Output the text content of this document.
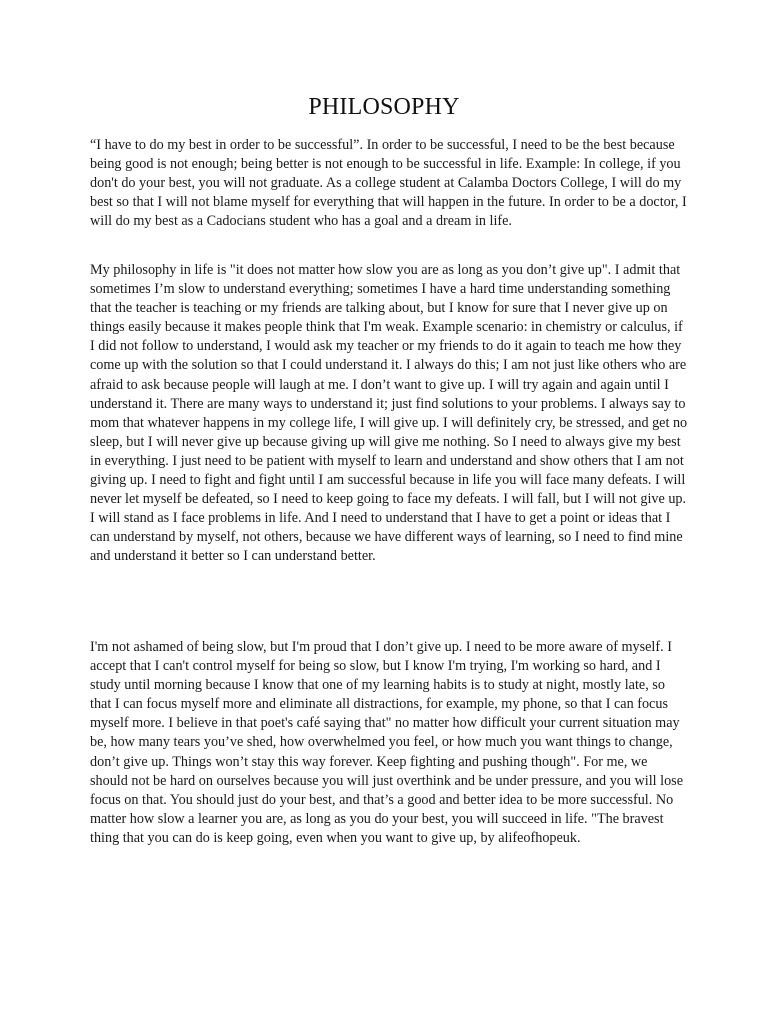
PHILOSOPHY

“I have to do my best in order to be successful”. In order to be successful, I need to be the best because being good is not enough; being better is not enough to be successful in life. Example: In college, if you don't do your best, you will not graduate. As a college student at Calamba Doctors College, I will do my best so that I will not blame myself for everything that will happen in the future. In order to be a doctor, I will do my best as a Cadocians student who has a goal and a dream in life.

My philosophy in life is "it does not matter how slow you are as long as you don’t give up". I admit that sometimes I’m slow to understand everything; sometimes I have a hard time understanding something that the teacher is teaching or my friends are talking about, but I know for sure that I never give up on things easily because it makes people think that I'm weak. Example scenario: in chemistry or calculus, if I did not follow to understand, I would ask my teacher or my friends to do it again to teach me how they come up with the solution so that I could understand it. I always do this; I am not just like others who are afraid to ask because people will laugh at me. I don’t want to give up. I will try again and again until I understand it. There are many ways to understand it; just find solutions to your problems. I always say to mom that whatever happens in my college life, I will give up. I will definitely cry, be stressed, and get no sleep, but I will never give up because giving up will give me nothing. So I need to always give my best in everything. I just need to be patient with myself to learn and understand and show others that I am not giving up. I need to fight and fight until I am successful because in life you will face many defeats. I will never let myself be defeated, so I need to keep going to face my defeats. I will fall, but I will not give up. I will stand as I face problems in life. And I need to understand that I have to get a point or ideas that I can understand by myself, not others, because we have different ways of learning, so I need to find mine and understand it better so I can understand better.

I'm not ashamed of being slow, but I'm proud that I don’t give up. I need to be more aware of myself. I accept that I can't control myself for being so slow, but I know I'm trying, I'm working so hard, and I study until morning because I know that one of my learning habits is to study at night, mostly late, so that I can focus myself more and eliminate all distractions, for example, my phone, so that I can focus myself more. I believe in that poet's café saying that" no matter how difficult your current situation may be, how many tears you’ve shed, how overwhelmed you feel, or how much you want things to change, don’t give up. Things won’t stay this way forever. Keep fighting and pushing though". For me, we should not be hard on ourselves because you will just overthink and be under pressure, and you will lose focus on that. You should just do your best, and that’s a good and better idea to be more successful. No matter how slow a learner you are, as long as you do your best, you will succeed in life. "The bravest thing that you can do is keep going, even when you want to give up, by alifeofhopeuk.
